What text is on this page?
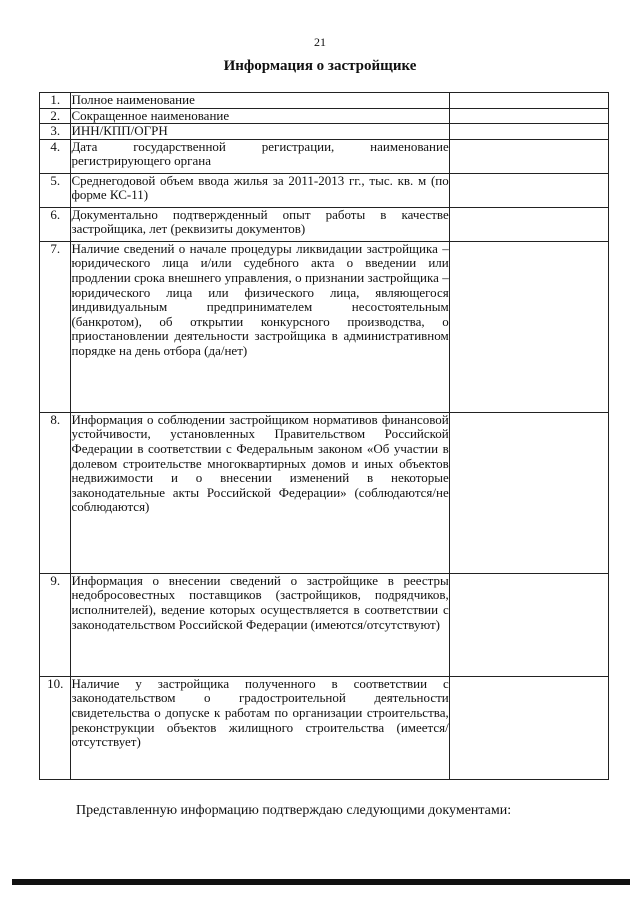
21
Информация о застройщике
1.	Полное наименование	
2.	Сокращенное наименование	
3.	ИНН/КПП/ОГРН	
4.	Дата государственной регистрации, наименование регистрирующего органа	
5.	Среднегодовой объем ввода жилья за 2011-2013 гг., тыс. кв. м (по форме КС-11)	
6.	Документально подтвержденный опыт работы в качестве застройщика, лет (реквизиты документов)	
7.	Наличие сведений о начале процедуры ликвидации застройщика – юридического лица и/или судебного акта о введении или продлении срока внешнего управления, о признании застройщика – юридического лица или физического лица, являющегося индивидуальным предпринимателем несостоятельным (банкротом), об открытии конкурсного производства, о приостановлении деятельности застройщика в административном порядке на день отбора (да/нет)	
8.	Информация о соблюдении застройщиком нормативов финансовой устойчивости, установленных Правительством Российской Федерации в соответствии с Федеральным законом «Об участии в долевом строительстве многоквартирных домов и иных объектов недвижимости и о внесении изменений в некоторые законодательные акты Российской Федерации» (соблюдаются/не соблюдаются)	
9.	Информация о внесении сведений о застройщике в реестры недобросовестных поставщиков (застройщиков, подрядчиков, исполнителей), ведение которых осуществляется в соответствии с законодательством Российской Федерации (имеются/отсутствуют)	
10.	Наличие у застройщика полученного в соответствии с законодательством о градостроительной деятельности свидетельства о допуске к работам по организации строительства, реконструкции объектов жилищного строительства (имеется/отсутствует)	
Представленную информацию подтверждаю следующими документами:
